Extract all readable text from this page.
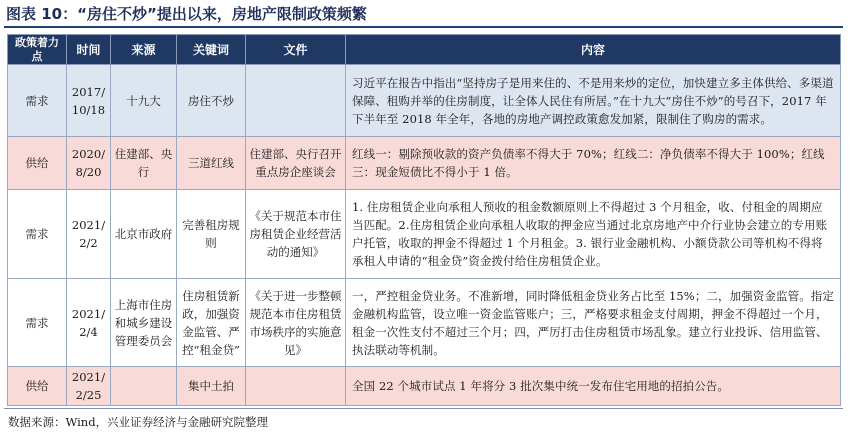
图表 10：“房住不炒”提出以来，房地产限制政策频繁
政策着力点	时间	来源	关键词	文件	内容
需求	2017/10/18	十九大	房住不炒		习近平在报告中指出“坚持房子是用来住的、不是用来炒的定位，加快建立多主体供给、多渠道保障、租购并举的住房制度，让全体人民住有所居。”在十九大“房住不炒”的号召下，2017 年下半年至 2018 年全年，各地的房地产调控政策愈发加紧，限制住了购房的需求。
供给	2020/8/20	住建部、央行	三道红线	住建部、央行召开重点房企座谈会	红线一：剔除预收款的资产负债率不得大于 70%；红线二：净负债率不得大于 100%；红线三：现金短债比不得小于 1 倍。
需求	2021/2/2	北京市政府	完善租房规则	《关于规范本市住房租赁企业经营活动的通知》	1. 住房租赁企业向承租人预收的租金数额原则上不得超过 3 个月租金，收、付租金的周期应当匹配。2.住房租赁企业向承租人收取的押金应当通过北京房地产中介行业协会建立的专用账户托管，收取的押金不得超过 1 个月租金。3. 银行业金融机构、小额贷款公司等机构不得将承租人申请的“租金贷”资金拨付给住房租赁企业。
需求	2021/2/4	上海市住房和城乡建设管理委员会	住房租赁新政，加强资金监管、严控“租金贷”	《关于进一步整顿规范本市住房租赁市场秩序的实施意见》	一，严控租金贷业务。不准新增，同时降低租金贷业务占比至 15%；二，加强资金监管。指定金融机构监管，设立唯一资金监管账户；三，严格要求租金支付周期，押金不得超过一个月，租金一次性支付不超过三个月；四，严厉打击住房租赁市场乱象。建立行业投诉、信用监管、执法联动等机制。
供给	2021/2/25		集中土拍		全国 22 个城市试点 1 年将分 3 批次集中统一发布住宅用地的招拍公告。
数据来源：Wind，兴业证券经济与金融研究院整理
